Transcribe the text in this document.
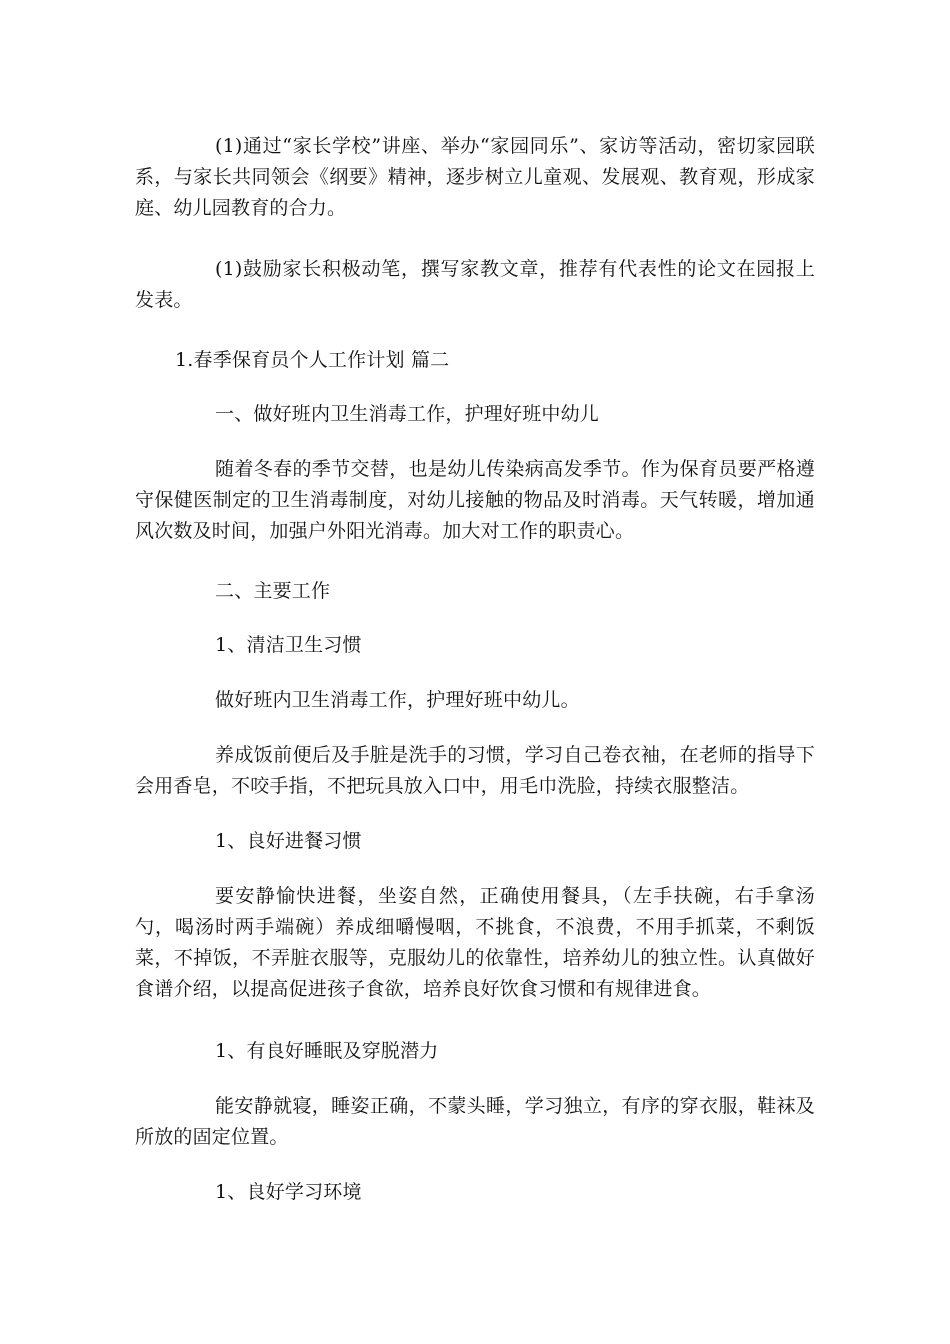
(1)通过“家长学校”讲座、举办“家园同乐”、家访等活动，密切家园联系，与家长共同领会《纲要》精神，逐步树立儿童观、发展观、教育观，形成家庭、幼儿园教育的合力。

(1)鼓励家长积极动笔，撰写家教文章，推荐有代表性的论文在园报上发表。

1.春季保育员个人工作计划 篇二

一、做好班内卫生消毒工作，护理好班中幼儿

随着冬春的季节交替，也是幼儿传染病高发季节。作为保育员要严格遵守保健医制定的卫生消毒制度，对幼儿接触的物品及时消毒。天气转暖，增加通风次数及时间，加强户外阳光消毒。加大对工作的职责心。

二、主要工作

1、清洁卫生习惯

做好班内卫生消毒工作，护理好班中幼儿。

养成饭前便后及手脏是洗手的习惯，学习自己卷衣袖，在老师的指导下会用香皂，不咬手指，不把玩具放入口中，用毛巾洗脸，持续衣服整洁。

1、良好进餐习惯

要安静愉快进餐，坐姿自然，正确使用餐具，（左手扶碗，右手拿汤勺，喝汤时两手端碗）养成细嚼慢咽，不挑食，不浪费，不用手抓菜，不剩饭菜，不掉饭，不弄脏衣服等，克服幼儿的依靠性，培养幼儿的独立性。认真做好食谱介绍，以提高促进孩子食欲，培养良好饮食习惯和有规律进食。

1、有良好睡眠及穿脱潜力

能安静就寝，睡姿正确，不蒙头睡，学习独立，有序的穿衣服，鞋袜及所放的固定位置。

1、良好学习环境
